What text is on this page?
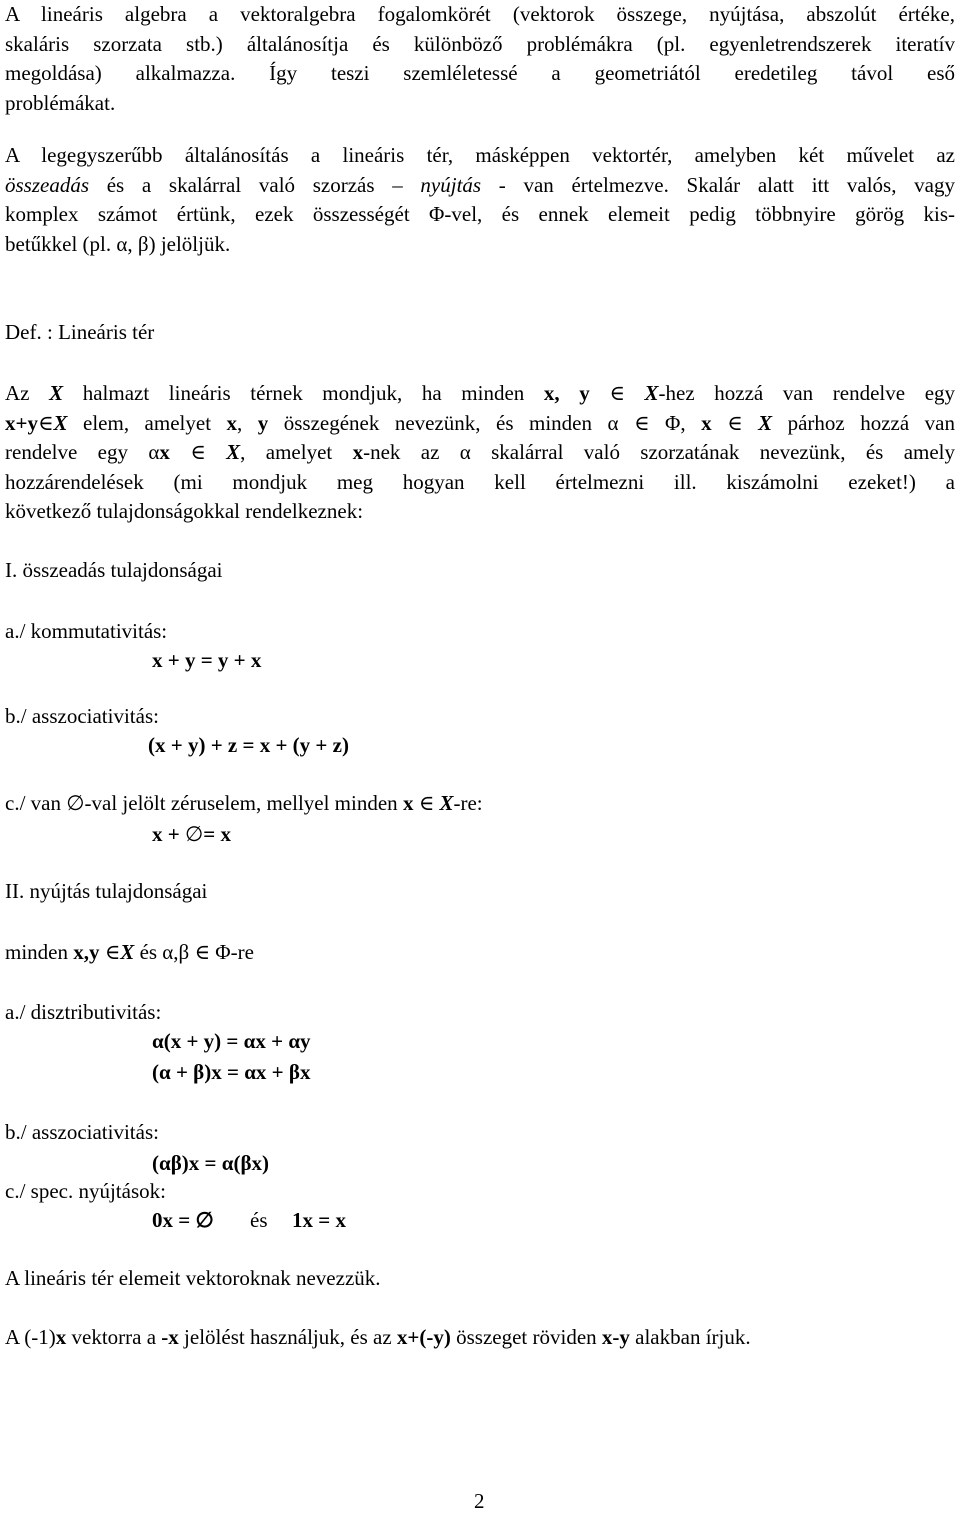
A lineáris algebra a vektoralgebra fogalomkörét (vektorok összege, nyújtása, abszolút értéke,

skaláris szorzata stb.) általánosítja és különböző problémákra (pl. egyenletrendszerek iteratív

megoldása) alkalmazza. Így teszi szemléletessé a geometriától eredetileg távol eső

problémákat.

A legegyszerűbb általánosítás a lineáris tér, másképpen vektortér, amelyben két művelet az

összeadás és a skalárral való szorzás – nyújtás - van értelmezve. Skalár alatt itt valós, vagy

komplex számot értünk, ezek összességét Φ-vel, és ennek elemeit pedig többnyire görög kis-

betűkkel (pl. α, β) jelöljük.

Def. : Lineáris tér

Az X halmazt lineáris térnek mondjuk, ha minden x, y ∈ X-hez hozzá van rendelve egy

x+y∈X elem, amelyet x, y összegének nevezünk, és minden α ∈ Φ, x ∈ X párhoz hozzá van

rendelve egy αx ∈ X, amelyet x-nek az α skalárral való szorzatának nevezünk, és amely

hozzárendelések (mi mondjuk meg hogyan kell értelmezni ill. kiszámolni ezeket!) a

következő tulajdonságokkal rendelkeznek:

I. összeadás tulajdonságai
a./ kommutativitás:
x + y = y + x
b./ asszociativitás:
(x + y) + z = x + (y + z)
c./ van ∅-val jelölt zéruselem, mellyel minden x ∈ X-re:
x + ∅= x
II. nyújtás tulajdonságai
minden x,y ∈X és α,β ∈ Φ-re
a./ disztributivitás:
α(x + y) = αx + αy
(α + β)x = αx + βx
b./ asszociativitás:
(αβ)x = α(βx)
c./ spec. nyújtások:
0x = ∅ és 1x = x
A lineáris tér elemeit vektoroknak nevezzük.
A (-1)x vektorra a -x jelölést használjuk, és az x+(-y) összeget röviden x-y alakban írjuk.
2
